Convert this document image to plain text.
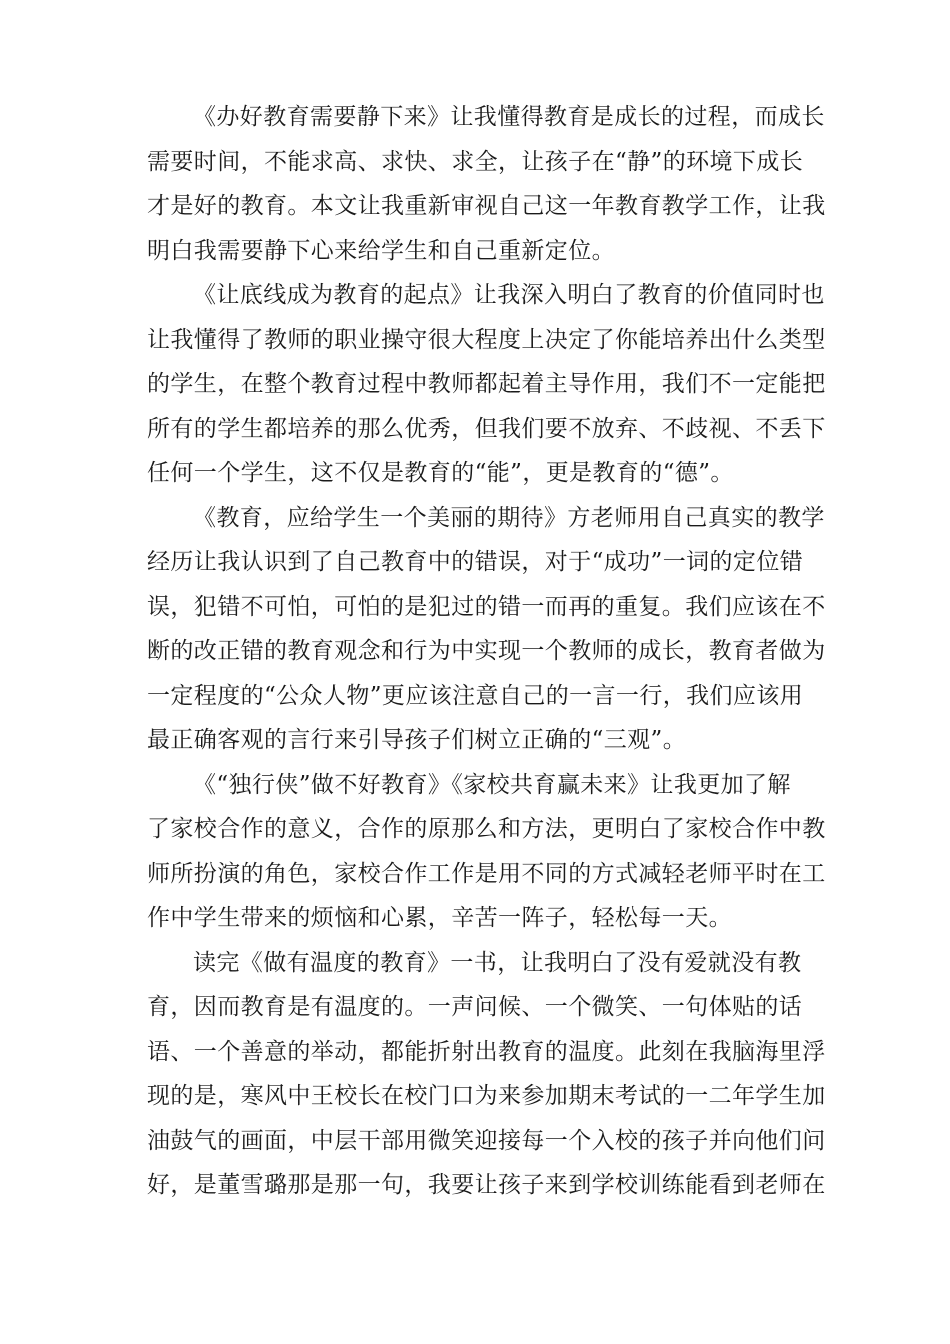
《办好教育需要静下来》让我懂得教育是成长的过程，而成长
需要时间，不能求高、求快、求全，让孩子在“静”的环境下成长
才是好的教育。本文让我重新审视自己这一年教育教学工作，让我
明白我需要静下心来给学生和自己重新定位。
《让底线成为教育的起点》让我深入明白了教育的价值同时也
让我懂得了教师的职业操守很大程度上决定了你能培养出什么类型
的学生，在整个教育过程中教师都起着主导作用，我们不一定能把
所有的学生都培养的那么优秀，但我们要不放弃、不歧视、不丢下
任何一个学生，这不仅是教育的“能”，更是教育的“德”。
《教育，应给学生一个美丽的期待》方老师用自己真实的教学
经历让我认识到了自己教育中的错误，对于“成功”一词的定位错
误，犯错不可怕，可怕的是犯过的错一而再的重复。我们应该在不
断的改正错的教育观念和行为中实现一个教师的成长，教育者做为
一定程度的“公众人物”更应该注意自己的一言一行，我们应该用
最正确客观的言行来引导孩子们树立正确的“三观”。
《“独行侠”做不好教育》《家校共育赢未来》让我更加了解
了家校合作的意义，合作的原那么和方法，更明白了家校合作中教
师所扮演的角色，家校合作工作是用不同的方式减轻老师平时在工
作中学生带来的烦恼和心累，辛苦一阵子，轻松每一天。
读完《做有温度的教育》一书，让我明白了没有爱就没有教
育，因而教育是有温度的。一声问候、一个微笑、一句体贴的话
语、一个善意的举动，都能折射出教育的温度。此刻在我脑海里浮
现的是，寒风中王校长在校门口为来参加期末考试的一二年学生加
油鼓气的画面，中层干部用微笑迎接每一个入校的孩子并向他们问
好，是董雪璐那是那一句，我要让孩子来到学校训练能看到老师在
